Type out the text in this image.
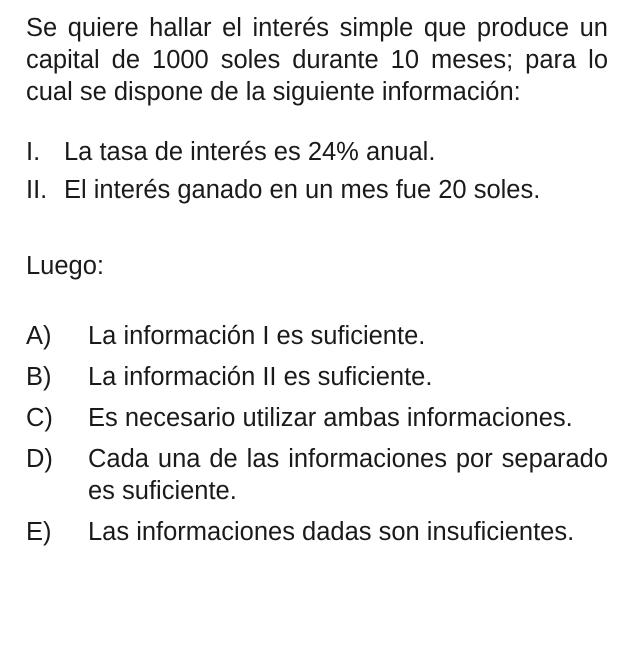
Se quiere hallar el interés simple que produce un capital de 1000 soles durante 10 meses; para lo cual se dispone de la siguiente información:

I. La tasa de interés es 24% anual.
II. El interés ganado en un mes fue 20 soles.

Luego:

A)	La información I es suficiente.
B)	La información II es suficiente.
C)	Es necesario utilizar ambas informaciones.
D)	Cada una de las informaciones por separado es suficiente.
E)	Las informaciones dadas son insuficientes.
